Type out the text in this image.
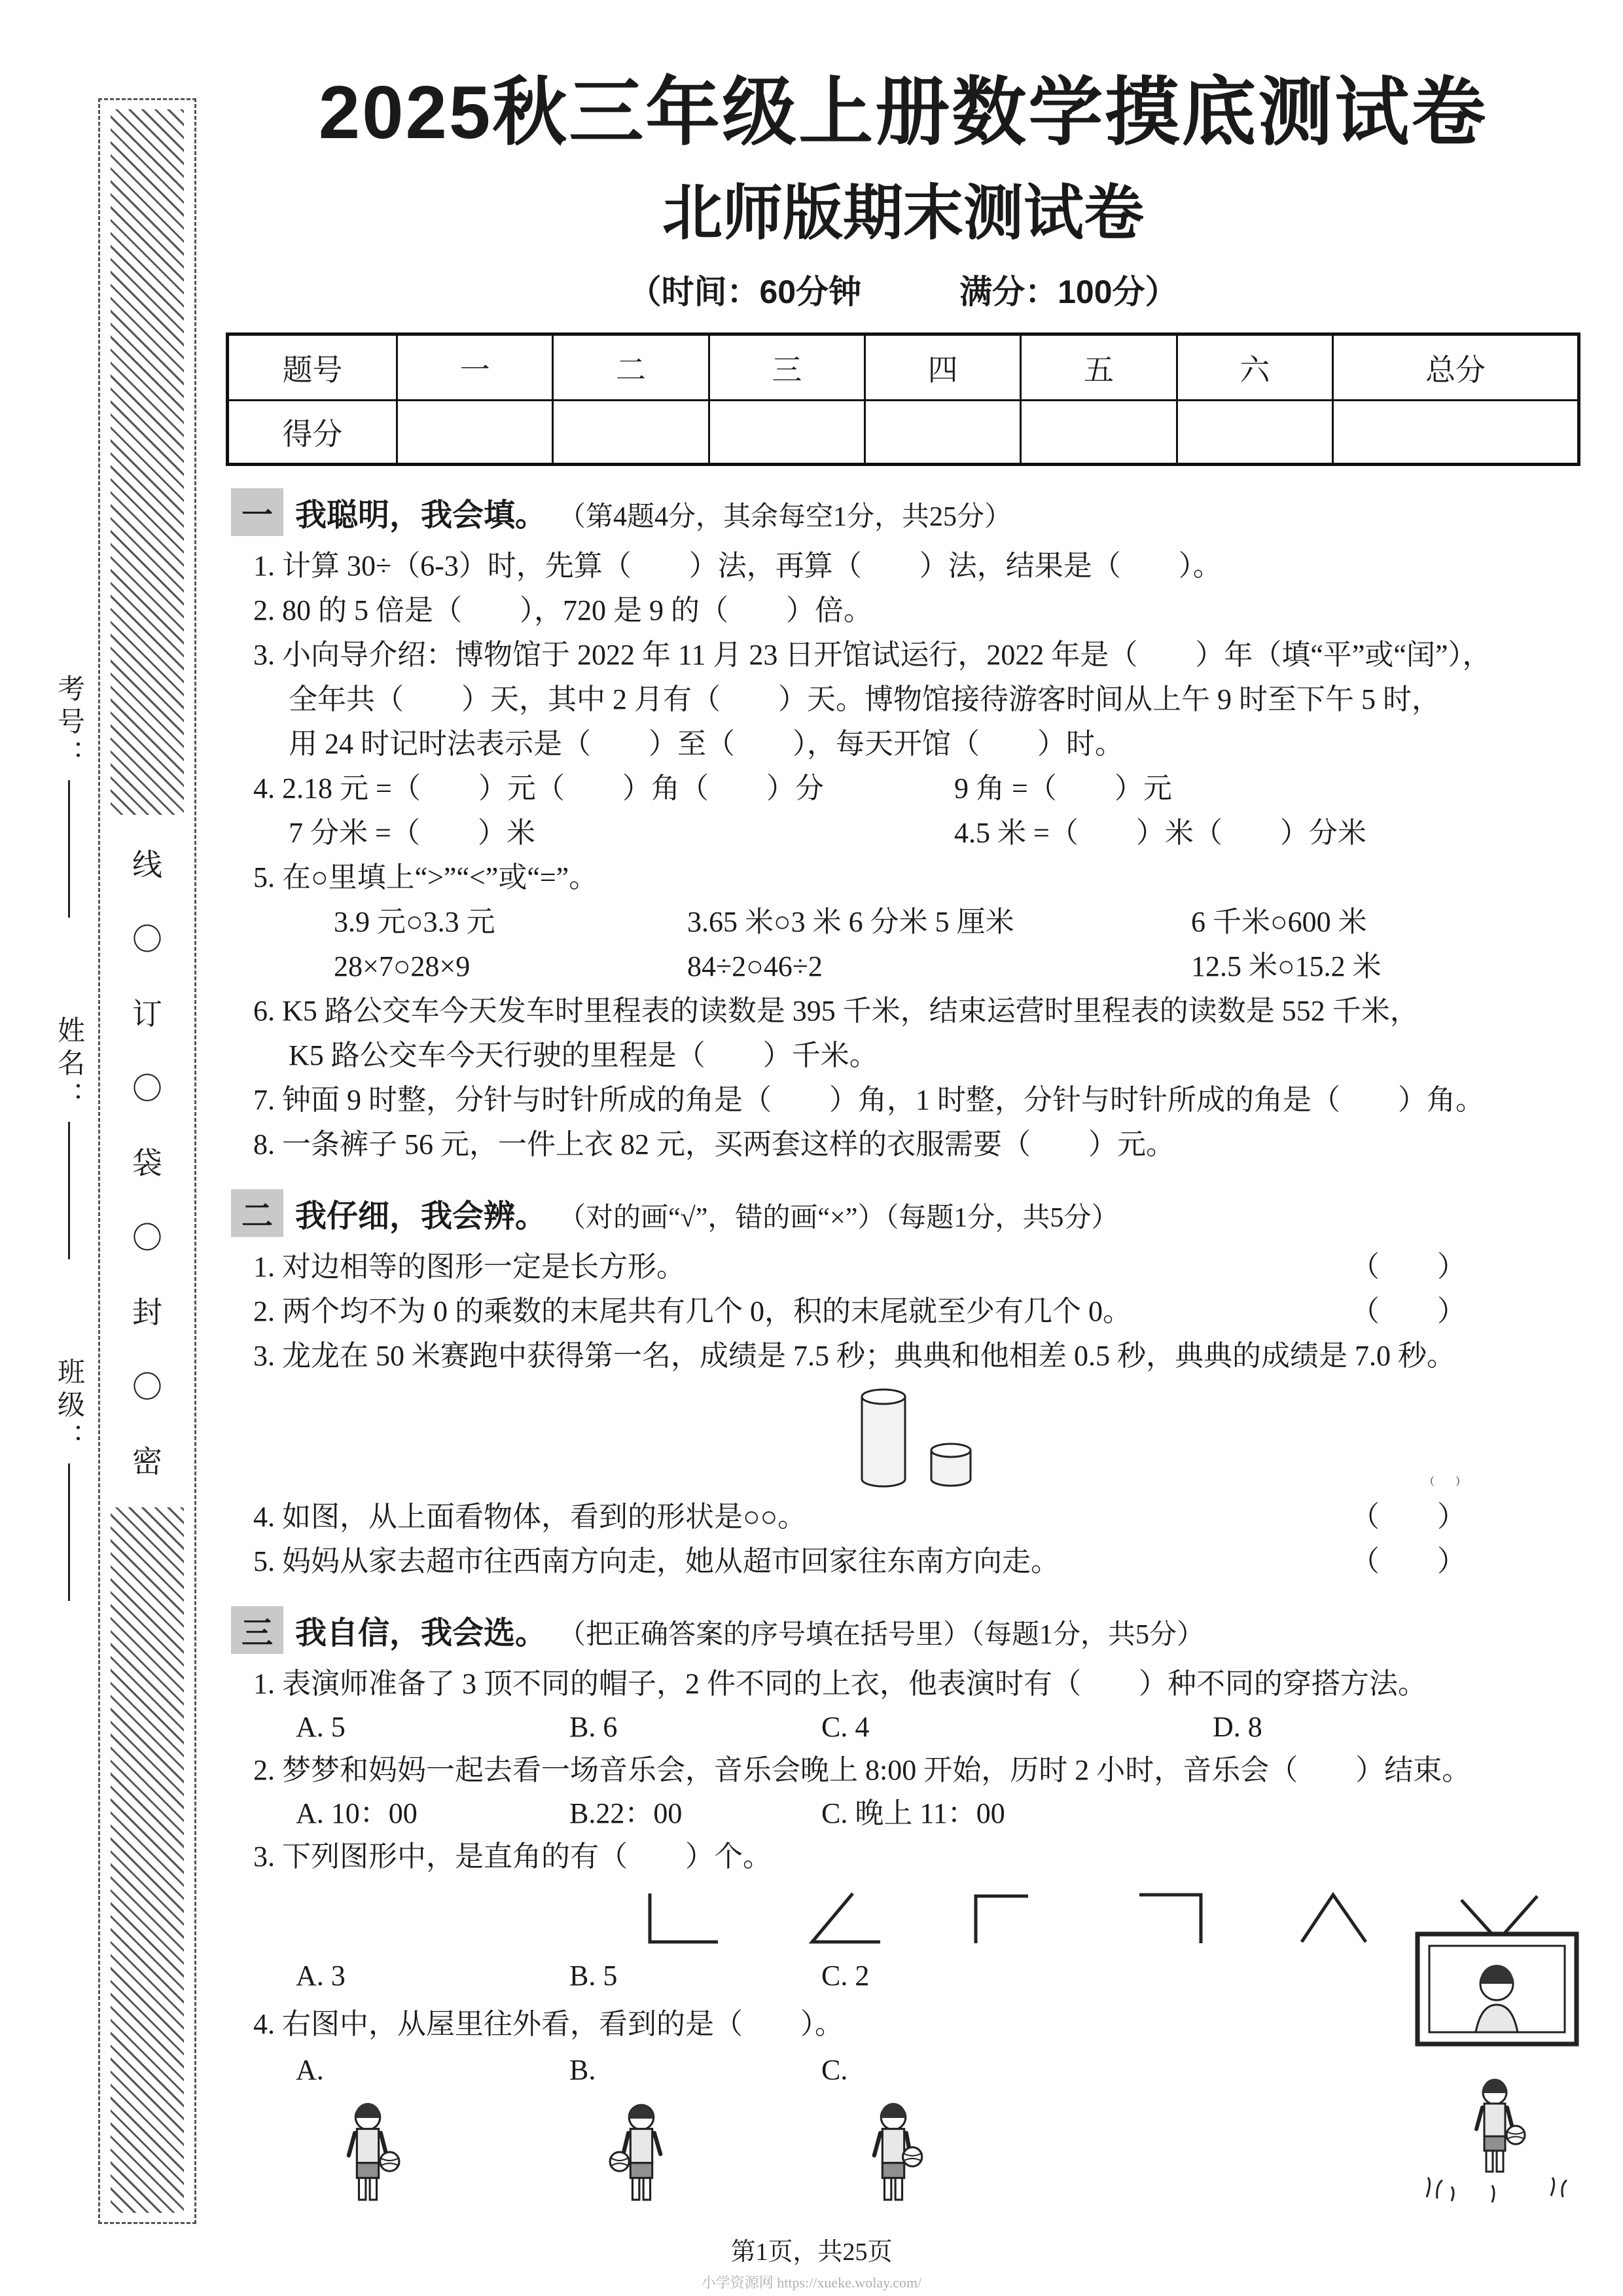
考号：
姓名：
班级：
线
〇
订
〇
袋
〇
封
〇
密
2025秋三年级上册数学摸底测试卷
北师版期末测试卷
（时间：60分钟　　　满分：100分）
题号	一	二	三	四	五	六	总分
得分
一 我聪明，我会填。 （第4题4分，其余每空1分，共25分）
1. 计算 30÷（6-3）时，先算（　　）法，再算（　　）法，结果是（　　）。
2. 80 的 5 倍是（　　），720 是 9 的（　　）倍。
3. 小向导介绍：博物馆于 2022 年 11 月 23 日开馆试运行，2022 年是（　　）年（填“平”或“闰”），
全年共（　　）天，其中 2 月有（　　）天。博物馆接待游客时间从上午 9 时至下午 5 时，
用 24 时记时法表示是（　　）至（　　），每天开馆（　　）时。
4. 2.18 元 =（　　）元（　　）角（　　）分	9 角 =（　　）元
7 分米 =（　　）米	4.5 米 =（　　）米（　　）分米
5. 在○里填上“>”“<”或“=”。
3.9 元○3.3 元	3.65 米○3 米 6 分米 5 厘米	6 千米○600 米
28×7○28×9	84÷2○46÷2	12.5 米○15.2 米
6. K5 路公交车今天发车时里程表的读数是 395 千米，结束运营时里程表的读数是 552 千米，
K5 路公交车今天行驶的里程是（　　）千米。
7. 钟面 9 时整，分针与时针所成的角是（　　）角，1 时整，分针与时针所成的角是（　　）角。
8. 一条裤子 56 元，一件上衣 82 元，买两套这样的衣服需要（　　）元。
二 我仔细，我会辨。 （对的画“√”，错的画“×”）（每题1分，共5分）
1. 对边相等的图形一定是长方形。	（　　）
2. 两个均不为 0 的乘数的末尾共有几个 0，积的末尾就至少有几个 0。	（　　）
3. 龙龙在 50 米赛跑中获得第一名，成绩是 7.5 秒；典典和他相差 0.5 秒，典典的成绩是 7.0 秒。
（　　）
4. 如图，从上面看物体，看到的形状是○○。	（　　）
5. 妈妈从家去超市往西南方向走，她从超市回家往东南方向走。	（　　）
三 我自信，我会选。 （把正确答案的序号填在括号里）（每题1分，共5分）
1. 表演师准备了 3 顶不同的帽子，2 件不同的上衣，他表演时有（　　）种不同的穿搭方法。
A. 5	B. 6	C. 4	D. 8
2. 梦梦和妈妈一起去看一场音乐会，音乐会晚上 8:00 开始，历时 2 小时，音乐会（　　）结束。
A. 10：00	B.22：00	C. 晚上 11：00
3. 下列图形中，是直角的有（　　）个。
A. 3	B. 5	C. 2
4. 右图中，从屋里往外看，看到的是（　　）。
A.	B.	C.
第1页，共25页
小学资源网 https://xueke.wolay.com/
